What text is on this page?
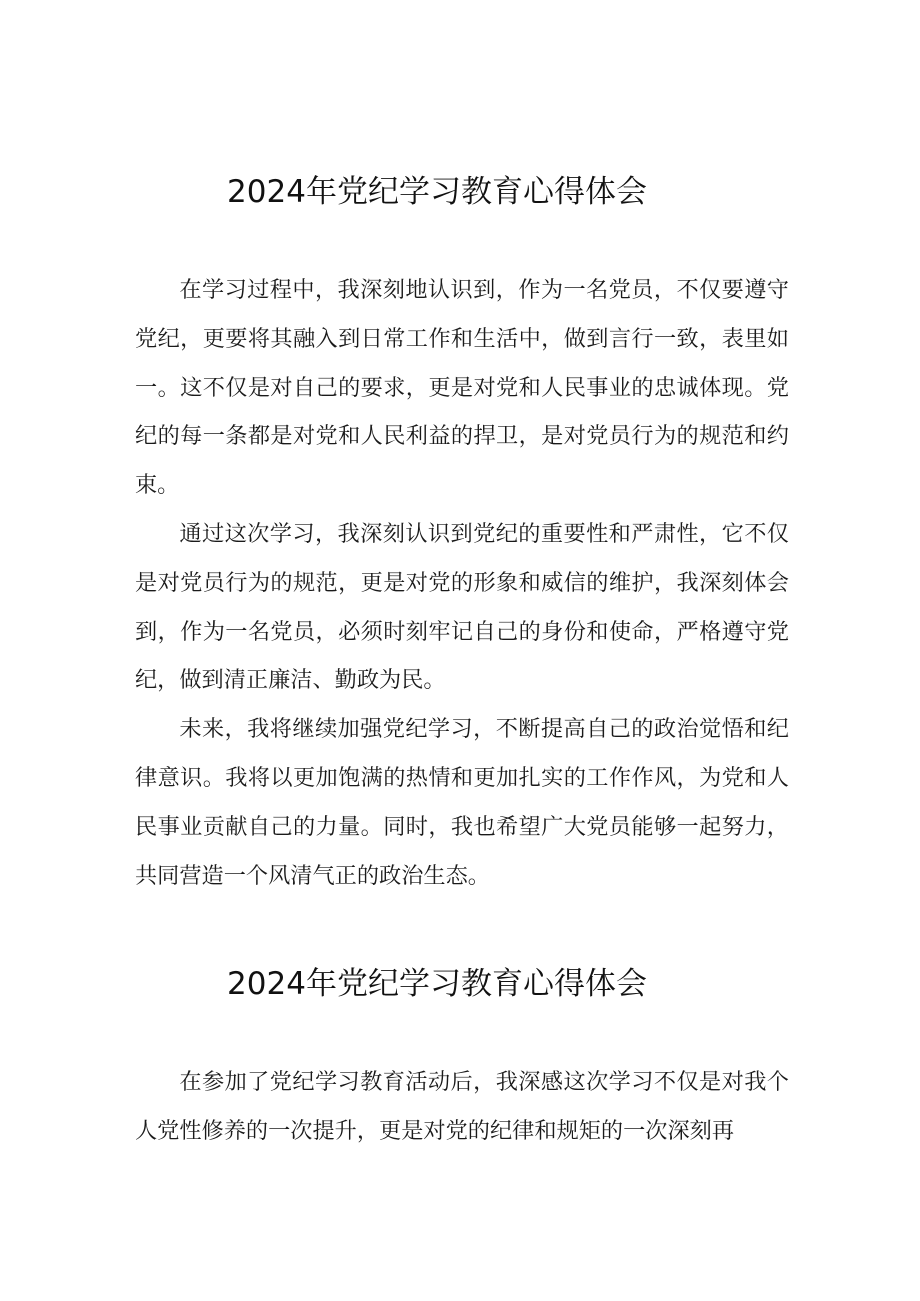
2024年党纪学习教育心得体会

在学习过程中，我深刻地认识到，作为一名党员，不仅要遵守党纪，更要将其融入到日常工作和生活中，做到言行一致，表里如一。这不仅是对自己的要求，更是对党和人民事业的忠诚体现。党纪的每一条都是对党和人民利益的捍卫，是对党员行为的规范和约束。

通过这次学习，我深刻认识到党纪的重要性和严肃性，它不仅是对党员行为的规范，更是对党的形象和威信的维护，我深刻体会到，作为一名党员，必须时刻牢记自己的身份和使命，严格遵守党纪，做到清正廉洁、勤政为民。

未来，我将继续加强党纪学习，不断提高自己的政治觉悟和纪律意识。我将以更加饱满的热情和更加扎实的工作作风，为党和人民事业贡献自己的力量。同时，我也希望广大党员能够一起努力，共同营造一个风清气正的政治生态。

2024年党纪学习教育心得体会

在参加了党纪学习教育活动后，我深感这次学习不仅是对我个人党性修养的一次提升，更是对党的纪律和规矩的一次深刻再
